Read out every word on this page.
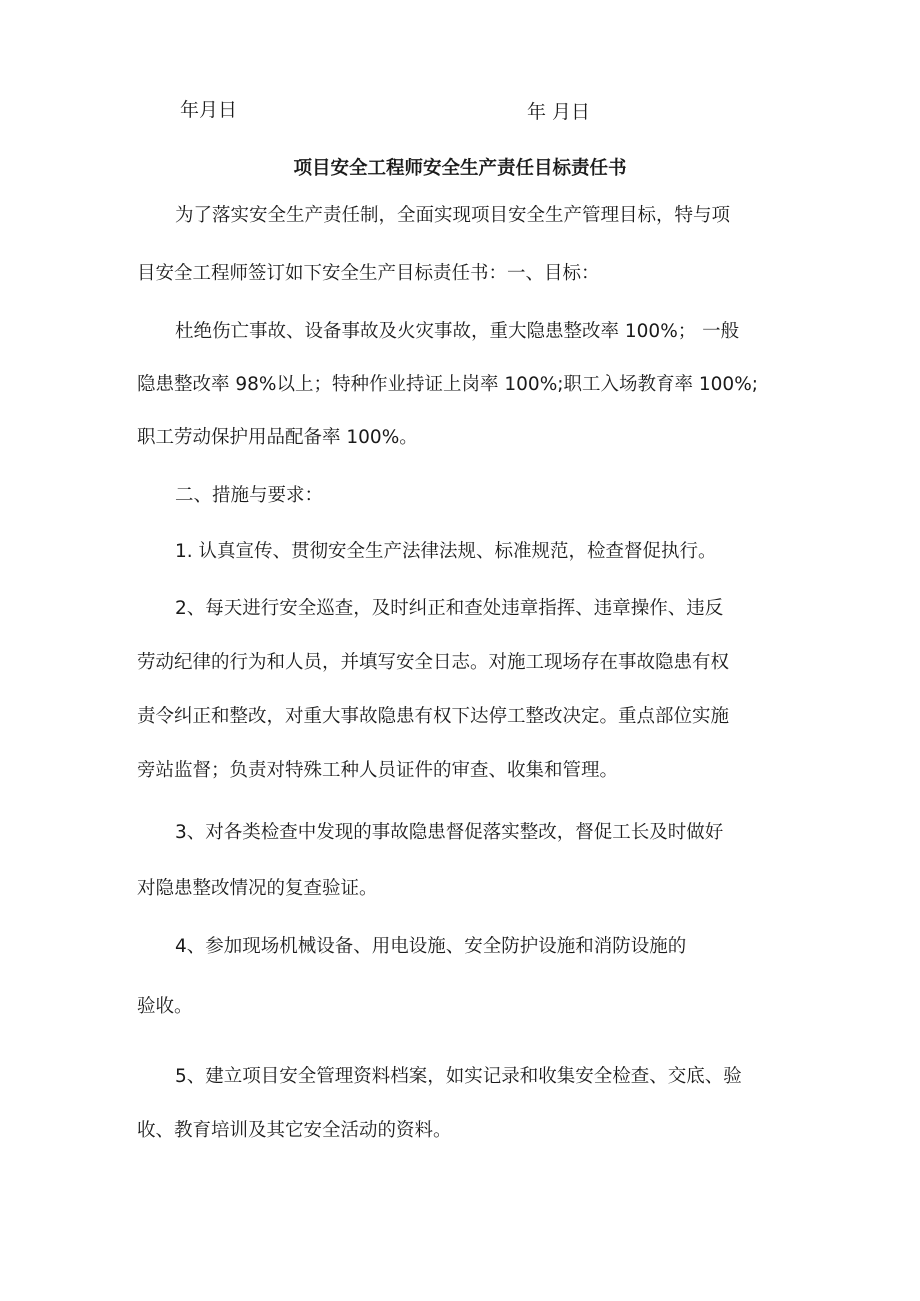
年月日	年 月日
项目安全工程师安全生产责任目标责任书
为了落实安全生产责任制，全面实现项目安全生产管理目标，特与项
目安全工程师签订如下安全生产目标责任书：一、目标：
杜绝伤亡事故、设备事故及火灾事故，重大隐患整改率 100%； 一般
隐患整改率 98%以上；特种作业持证上岗率 100%;职工入场教育率 100%;
职工劳动保护用品配备率 100%。
二、措施与要求：
1. 认真宣传、贯彻安全生产法律法规、标准规范，检查督促执行。
2、每天进行安全巡查，及时纠正和查处违章指挥、违章操作、违反
劳动纪律的行为和人员，并填写安全日志。对施工现场存在事故隐患有权
责令纠正和整改，对重大事故隐患有权下达停工整改决定。重点部位实施
旁站监督；负责对特殊工种人员证件的审查、收集和管理。
3、对各类检查中发现的事故隐患督促落实整改，督促工长及时做好
对隐患整改情况的复查验证。
4、参加现场机械设备、用电设施、安全防护设施和消防设施的
验收。
5、建立项目安全管理资料档案，如实记录和收集安全检查、交底、验
收、教育培训及其它安全活动的资料。
